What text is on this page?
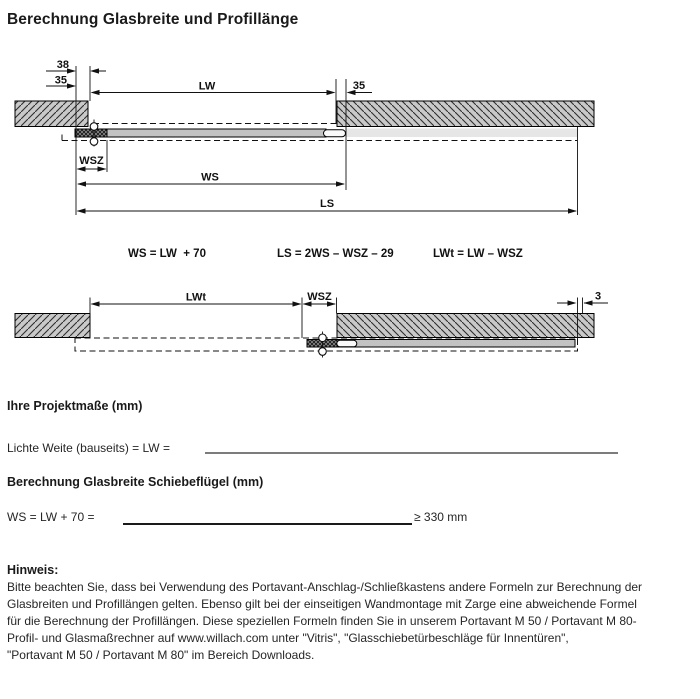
Berechnung Glasbreite und Profillänge
38
35	LW	35
WSZ
WS
LS
WS = LW  + 70	LS = 2WS – WSZ – 29	LWt = LW – WSZ
LWt	WSZ	3
Ihre Projektmaße (mm)
Lichte Weite (bauseits) = LW =
Berechnung Glasbreite Schiebeflügel (mm)
WS = LW + 70 =	≥ 330 mm
Hinweis:
Bitte beachten Sie, dass bei Verwendung des Portavant-Anschlag-/Schließkastens andere Formeln zur Berechnung der
Glasbreiten und Profillängen gelten. Ebenso gilt bei der einseitigen Wandmontage mit Zarge eine abweichende Formel
für die Berechnung der Profillängen. Diese speziellen Formeln finden Sie in unserem Portavant M 50 / Portavant M 80-
Profil- und Glasmaßrechner auf www.willach.com unter "Vitris", "Glasschiebetürbeschläge für Innentüren",
"Portavant M 50 / Portavant M 80" im Bereich Downloads.
